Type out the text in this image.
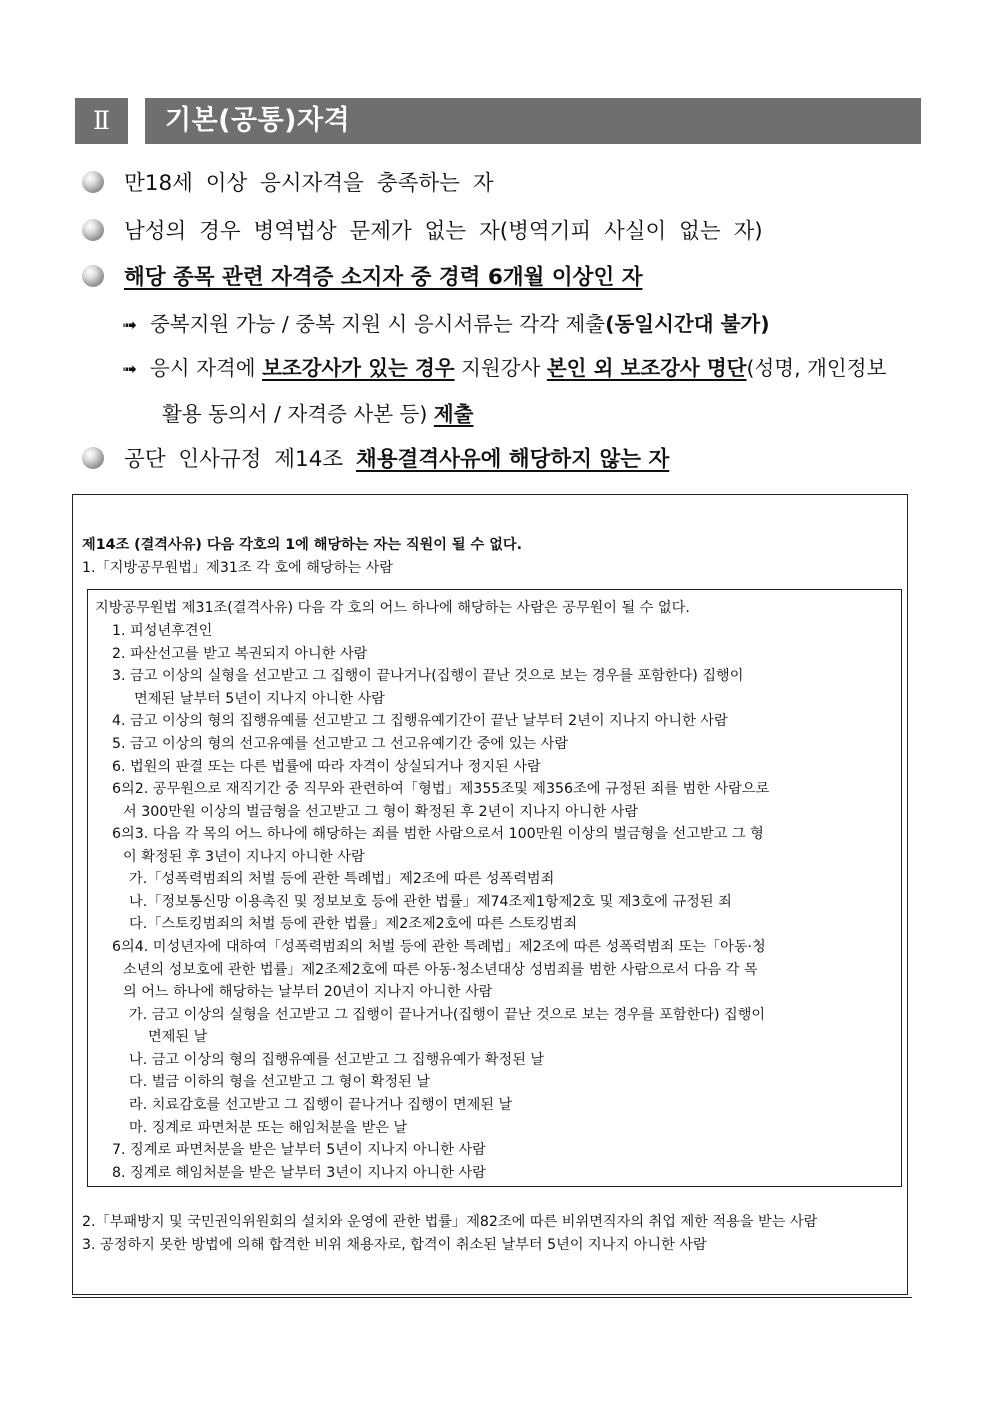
Ⅱ	기본(공통)자격
만18세 이상 응시자격을 충족하는 자
남성의 경우 병역법상 문제가 없는 자(병역기피 사실이 없는 자)
해당 종목 관련 자격증 소지자 중 경력 6개월 이상인 자
➟ 중복지원 가능 / 중복 지원 시 응시서류는 각각 제출(동일시간대 불가)
➟ 응시 자격에 보조강사가 있는 경우 지원강사 본인 외 보조강사 명단(성명, 개인정보
활용 동의서 / 자격증 사본 등) 제출
공단 인사규정 제14조 채용결격사유에 해당하지 않는 자
제14조 (결격사유) 다음 각호의 1에 해당하는 자는 직원이 될 수 없다.
1.「지방공무원법」제31조 각 호에 해당하는 사람
지방공무원법 제31조(결격사유) 다음 각 호의 어느 하나에 해당하는 사람은 공무원이 될 수 없다.
1. 피성년후견인
2. 파산선고를 받고 복권되지 아니한 사람
3. 금고 이상의 실형을 선고받고 그 집행이 끝나거나(집행이 끝난 것으로 보는 경우를 포함한다) 집행이
면제된 날부터 5년이 지나지 아니한 사람
4. 금고 이상의 형의 집행유예를 선고받고 그 집행유예기간이 끝난 날부터 2년이 지나지 아니한 사람
5. 금고 이상의 형의 선고유예를 선고받고 그 선고유예기간 중에 있는 사람
6. 법원의 판결 또는 다른 법률에 따라 자격이 상실되거나 정지된 사람
6의2. 공무원으로 재직기간 중 직무와 관련하여「형법」제355조및 제356조에 규정된 죄를 범한 사람으로
서 300만원 이상의 벌금형을 선고받고 그 형이 확정된 후 2년이 지나지 아니한 사람
6의3. 다음 각 목의 어느 하나에 해당하는 죄를 범한 사람으로서 100만원 이상의 벌금형을 선고받고 그 형
이 확정된 후 3년이 지나지 아니한 사람
가.「성폭력범죄의 처벌 등에 관한 특례법」제2조에 따른 성폭력범죄
나.「정보통신망 이용촉진 및 정보보호 등에 관한 법률」제74조제1항제2호 및 제3호에 규정된 죄
다.「스토킹범죄의 처벌 등에 관한 법률」제2조제2호에 따른 스토킹범죄
6의4. 미성년자에 대하여「성폭력범죄의 처벌 등에 관한 특례법」제2조에 따른 성폭력범죄 또는「아동·청
소년의 성보호에 관한 법률」제2조제2호에 따른 아동·청소년대상 성범죄를 범한 사람으로서 다음 각 목
의 어느 하나에 해당하는 날부터 20년이 지나지 아니한 사람
가. 금고 이상의 실형을 선고받고 그 집행이 끝나거나(집행이 끝난 것으로 보는 경우를 포함한다) 집행이
면제된 날
나. 금고 이상의 형의 집행유예를 선고받고 그 집행유예가 확정된 날
다. 벌금 이하의 형을 선고받고 그 형이 확정된 날
라. 치료감호를 선고받고 그 집행이 끝나거나 집행이 면제된 날
마. 징계로 파면처분 또는 해임처분을 받은 날
7. 징계로 파면처분을 받은 날부터 5년이 지나지 아니한 사람
8. 징계로 해임처분을 받은 날부터 3년이 지나지 아니한 사람
2.「부패방지 및 국민권익위원회의 설치와 운영에 관한 법률」제82조에 따른 비위면직자의 취업 제한 적용을 받는 사람
3. 공정하지 못한 방법에 의해 합격한 비위 채용자로, 합격이 취소된 날부터 5년이 지나지 아니한 사람
